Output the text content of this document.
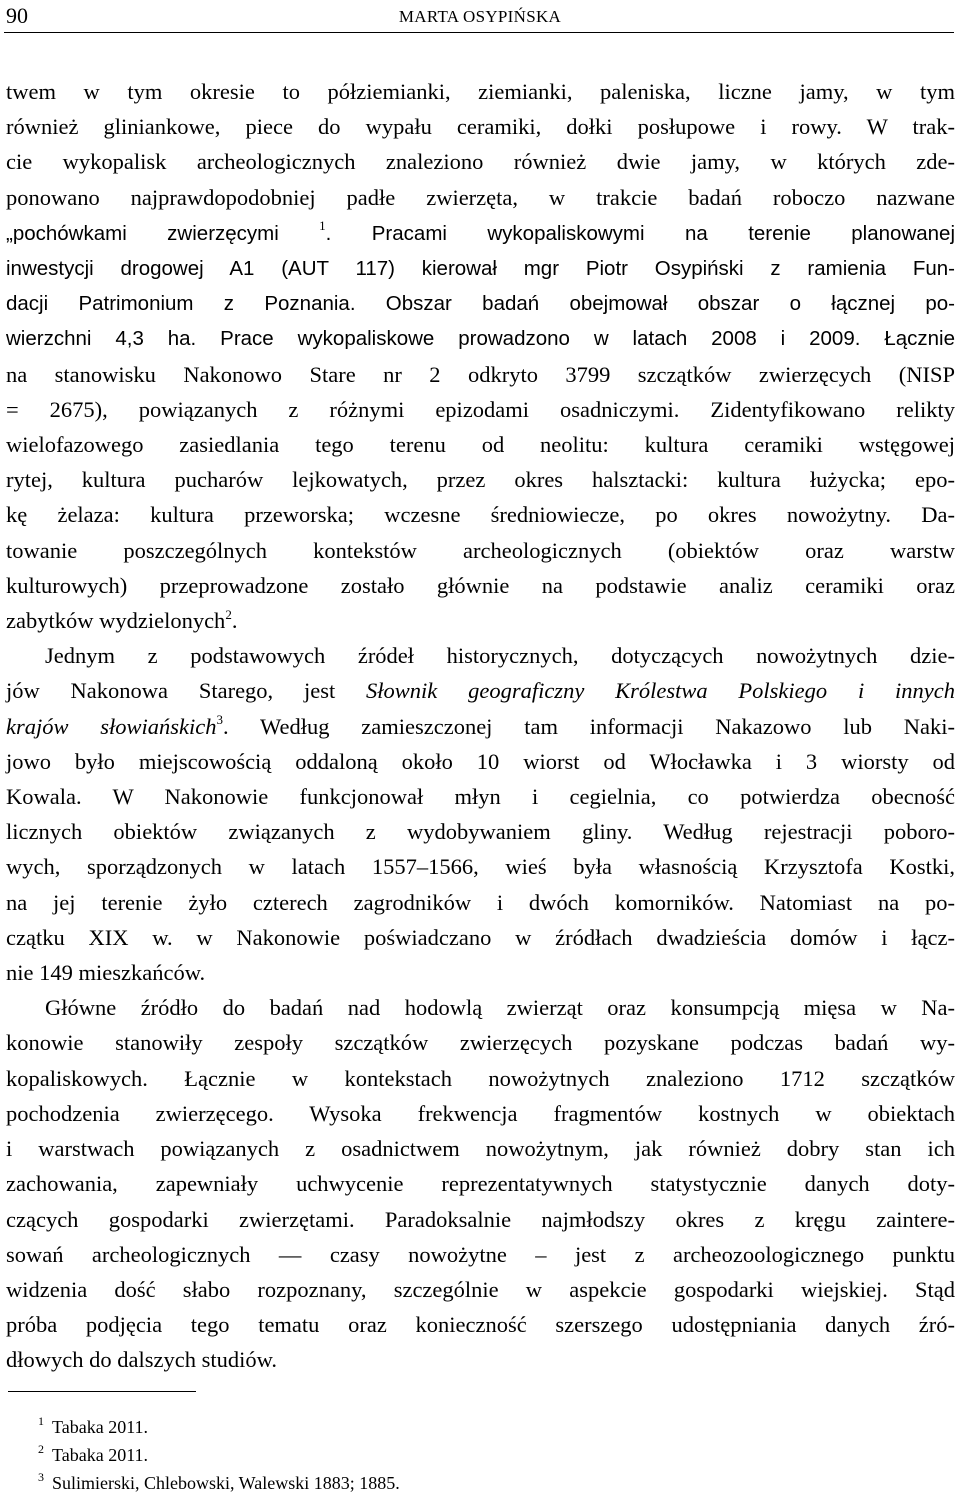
90	MARTA OSYPIŃSKA
twem w tym okresie to półziemianki, ziemianki, paleniska, liczne jamy, w tym
również gliniankowe, piece do wypału ceramiki, dołki posłupowe i rowy. W trak-
cie wykopalisk archeologicznych znaleziono również dwie jamy, w których zde-
ponowano najprawdopodobniej padłe zwierzęta, w trakcie badań roboczo nazwane
„pochówkami zwierzęcymi	$^1$. Pracami wykopaliskowymi na terenie planowanej
inwestycji drogowej A1 (AUT 117) kierował mgr Piotr Osypiński z ramienia Fun-
dacji Patrimonium z Poznania. Obszar badań obejmował obszar o łącznej po-
wierzchni 4,3 ha. Prace wykopaliskowe prowadzono w latach 2008 i 2009. Łącznie
na stanowisku Nakonowo Stare nr 2 odkryto 3799 szczątków zwierzęcych (NISP
= 2675), powiązanych z różnymi epizodami osadniczymi. Zidentyfikowano relikty
wielofazowego zasiedlania tego terenu od neolitu: kultura ceramiki wstęgowej
rytej, kultura pucharów lejkowatych, przez okres halsztacki: kultura łużycka; epo-
kę żelaza: kultura przeworska; wczesne średniowiecze, po okres nowożytny. Da-
towanie poszczególnych kontekstów archeologicznych (obiektów oraz warstw
kulturowych) przeprowadzone zostało głównie na podstawie analiz ceramiki oraz
zabytków wydzielonych$^2$.
Jednym z podstawowych źródeł historycznych, dotyczących nowożytnych dzie-
jów Nakonowa Starego, jest Słownik geograficzny Królestwa Polskiego i innych
krajów słowiańskich$^3$. Według zamieszczonej tam informacji Nakazowo lub Naki-
jowo było miejscowością oddaloną około 10 wiorst od Włocławka i 3 wiorsty od
Kowala. W Nakonowie funkcjonował młyn i cegielnia, co potwierdza obecność
licznych obiektów związanych z wydobywaniem gliny. Według rejestracji poboro-
wych, sporządzonych w latach 1557–1566, wieś była własnością Krzysztofa Kostki,
na jej terenie żyło czterech zagrodników i dwóch komorników. Natomiast na po-
czątku XIX w. w Nakonowie poświadczano w źródłach dwadzieścia domów i łącz-
nie 149 mieszkańców.
Główne źródło do badań nad hodowlą zwierząt oraz konsumpcją mięsa w Na-
konowie stanowiły zespoły szczątków zwierzęcych pozyskane podczas badań wy-
kopaliskowych. Łącznie w kontekstach nowożytnych znaleziono 1712 szczątków
pochodzenia zwierzęcego. Wysoka frekwencja fragmentów kostnych w obiektach
i warstwach powiązanych z osadnictwem nowożytnym, jak również dobry stan ich
zachowania, zapewniały uchwycenie reprezentatywnych statystycznie danych doty-
czących gospodarki zwierzętami. Paradoksalnie najmłodszy okres z kręgu zaintere-
sowań archeologicznych — czasy nowożytne – jest z archeozoologicznego punktu
widzenia dość słabo rozpoznany, szczególnie w aspekcie gospodarki wiejskiej. Stąd
próba podjęcia tego tematu oraz konieczność szerszego udostępniania danych źró-
dłowych do dalszych studiów.
$^1$ Tabaka 2011.
$^2$ Tabaka 2011.
$^3$ Sulimierski, Chlebowski, Walewski 1883; 1885.
